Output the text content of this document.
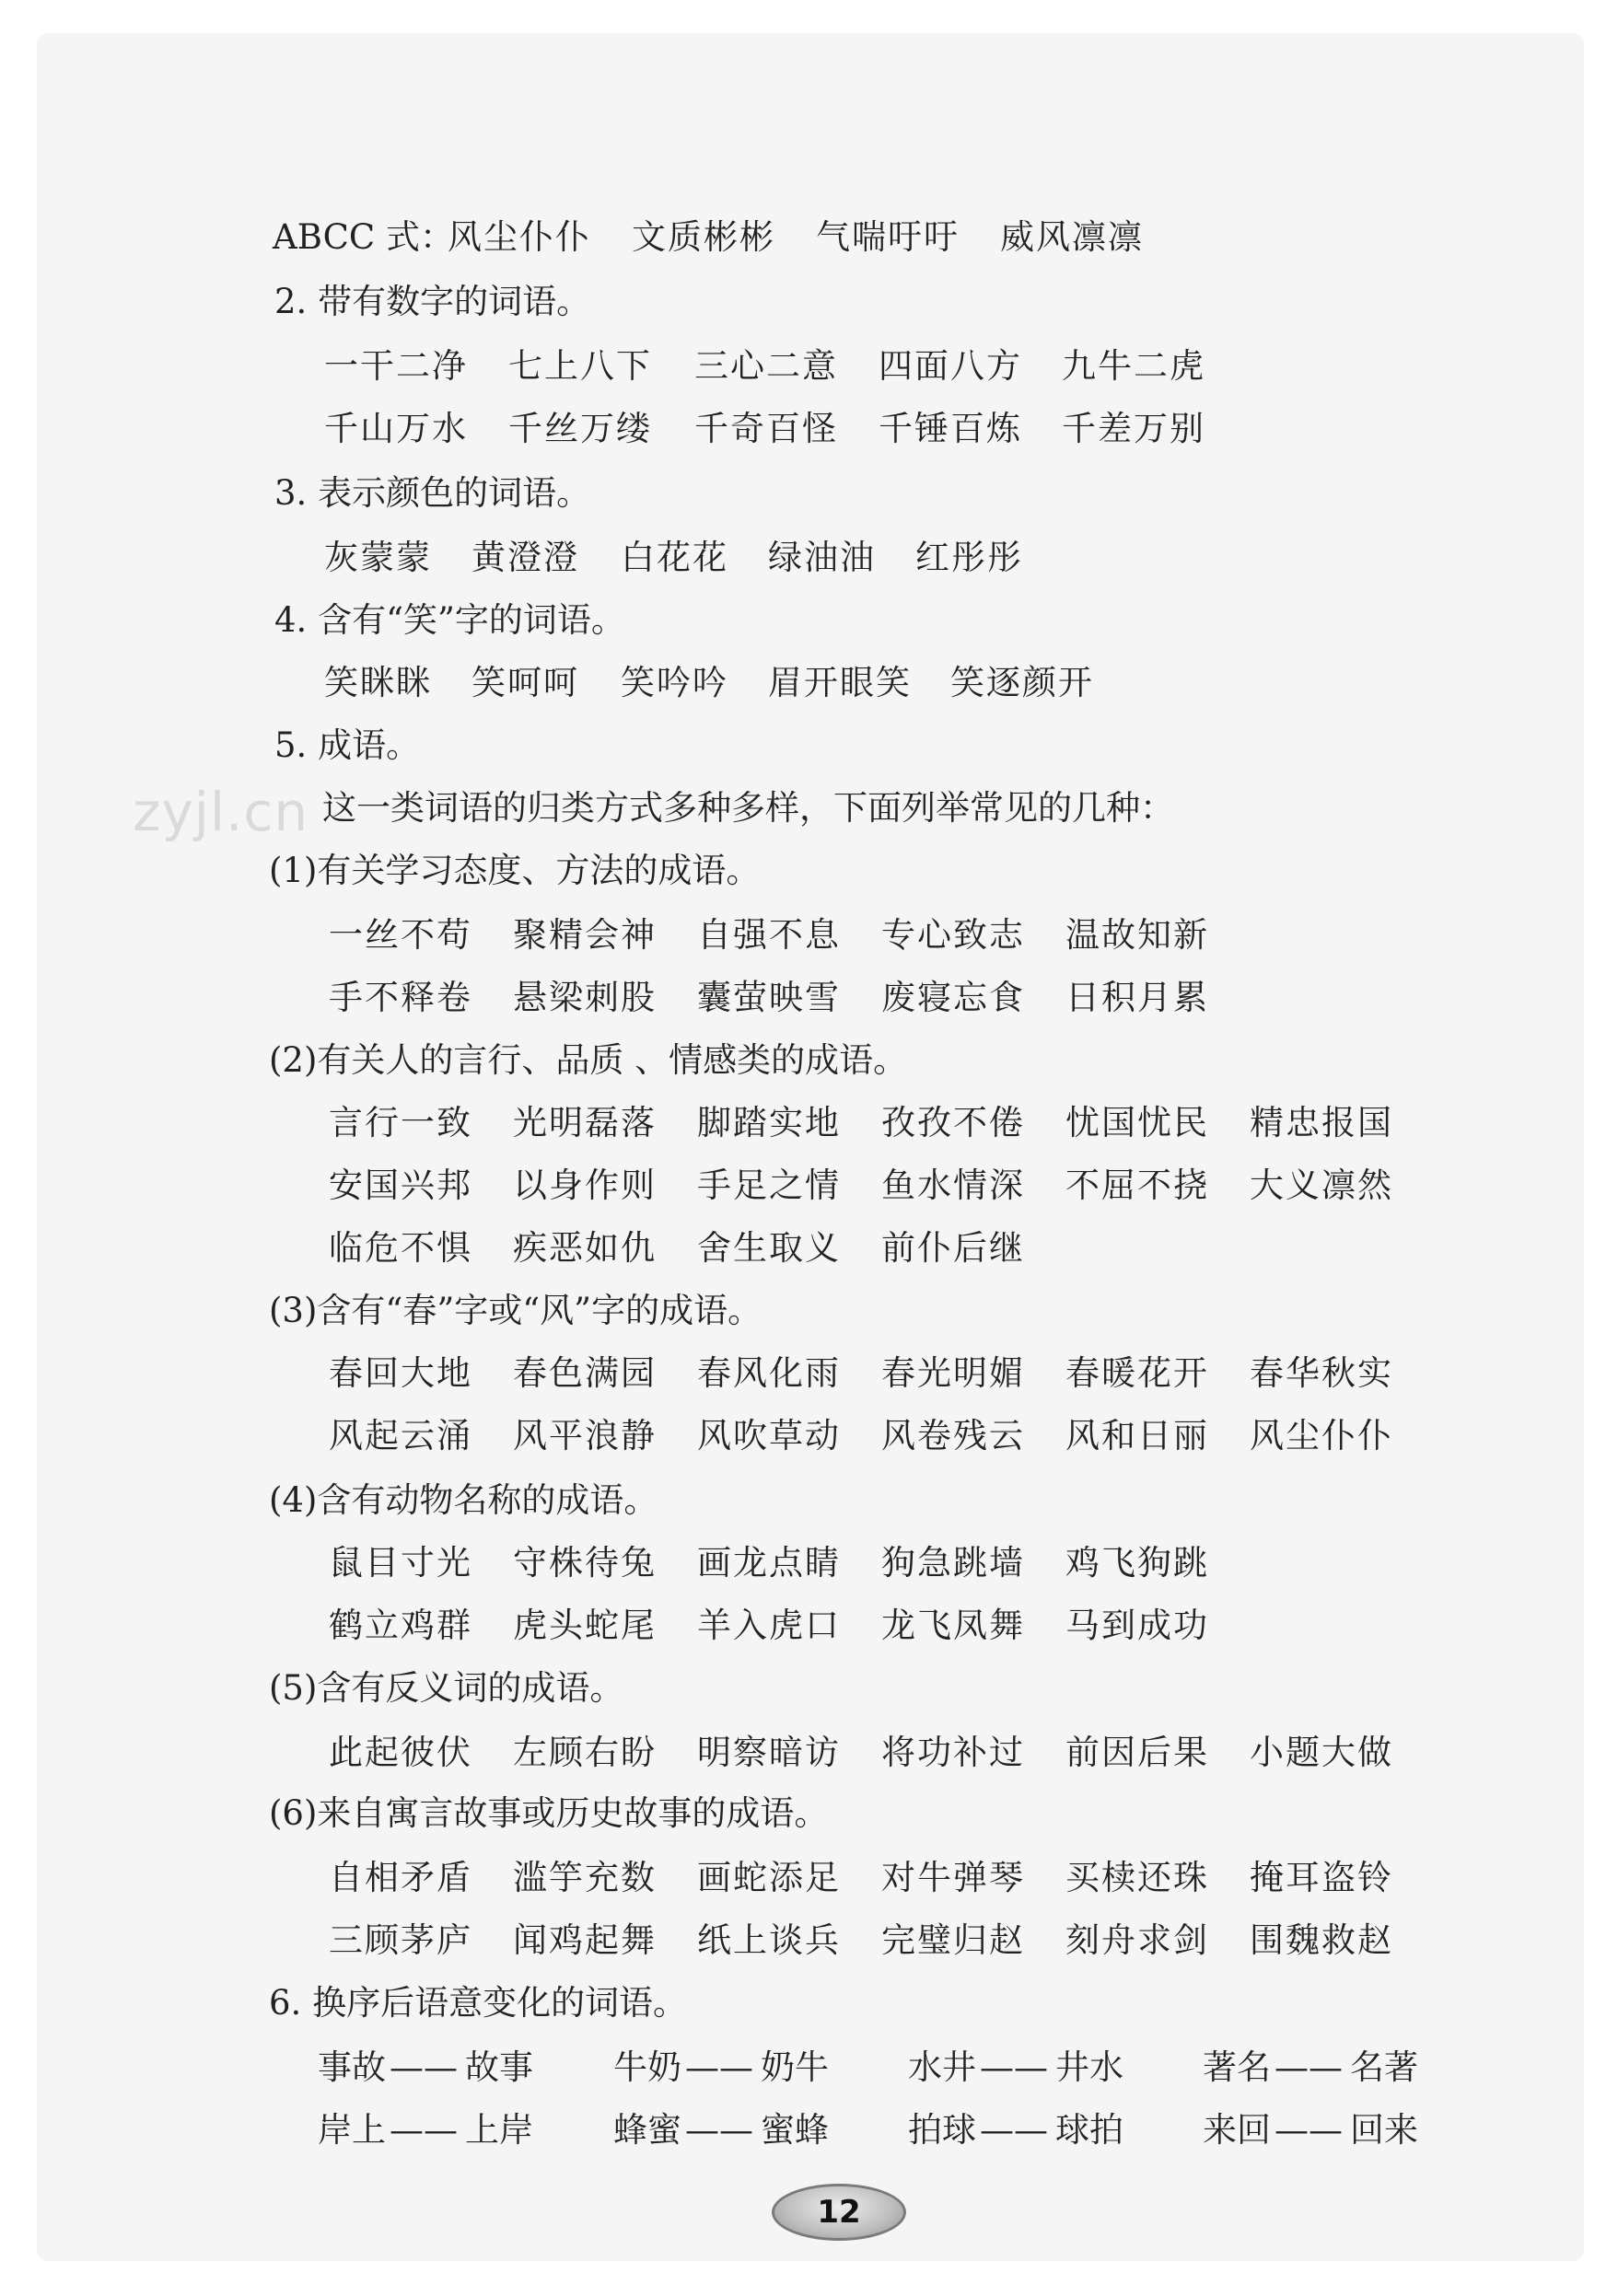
zyjl.cn
ABCC 式：
风尘仆仆 文质彬彬 气喘吁吁 威风凛凛
2. 带有数字的词语。
一干二净 七上八下 三心二意 四面八方 九牛二虎
千山万水 千丝万缕 千奇百怪 千锤百炼 千差万别
3. 表示颜色的词语。
灰蒙蒙 黄澄澄 白花花 绿油油 红彤彤
4. 含有“笑”字的词语。
笑眯眯 笑呵呵 笑吟吟 眉开眼笑 笑逐颜开
5. 成语。
这一类词语的归类方式多种多样，下面列举常见的几种：
(1)有关学习态度、方法的成语。
一丝不苟 聚精会神 自强不息 专心致志 温故知新
手不释卷 悬梁刺股 囊萤映雪 废寝忘食 日积月累
(2)有关人的言行、品质 、情感类的成语。
言行一致 光明磊落 脚踏实地 孜孜不倦 忧国忧民 精忠报国
安国兴邦 以身作则 手足之情 鱼水情深 不屈不挠 大义凛然
临危不惧 疾恶如仇 舍生取义 前仆后继
(3)含有“春”字或“风”字的成语。
春回大地 春色满园 春风化雨 春光明媚 春暖花开 春华秋实
风起云涌 风平浪静 风吹草动 风卷残云 风和日丽 风尘仆仆
(4)含有动物名称的成语。
鼠目寸光 守株待兔 画龙点睛 狗急跳墙 鸡飞狗跳
鹤立鸡群 虎头蛇尾 羊入虎口 龙飞凤舞 马到成功
(5)含有反义词的成语。
此起彼伏 左顾右盼 明察暗访 将功补过 前因后果 小题大做
(6)来自寓言故事或历史故事的成语。
自相矛盾 滥竽充数 画蛇添足 对牛弹琴 买椟还珠 掩耳盗铃
三顾茅庐 闻鸡起舞 纸上谈兵 完璧归赵 刻舟求剑 围魏救赵
6. 换序后语意变化的词语。
事故 —— 故事 牛奶 —— 奶牛 水井 —— 井水 著名 —— 名著
岸上 —— 上岸 蜂蜜 —— 蜜蜂 拍球 —— 球拍 来回 —— 回来
12
